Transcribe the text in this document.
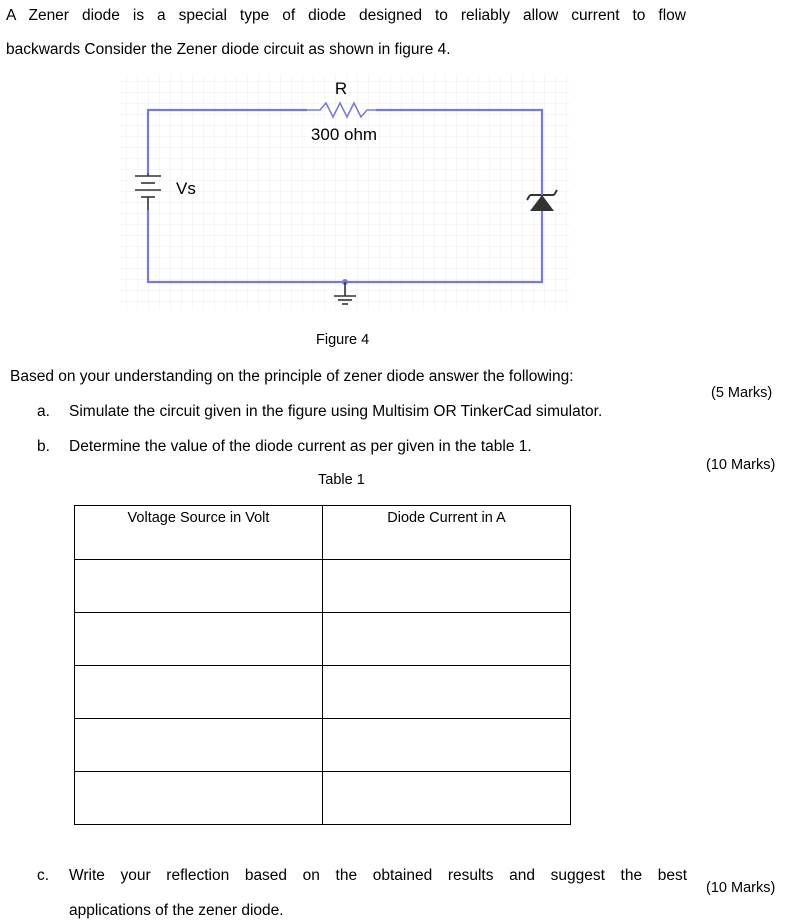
A Zener diode is a special type of diode designed to reliably allow current to flow
backwards Consider the Zener diode circuit as shown in figure 4.
R
300 ohm
Vs
Figure 4
Based on your understanding on the principle of zener diode answer the following:
(5 Marks)
a. Simulate the circuit given in the figure using Multisim OR TinkerCad simulator.
b. Determine the value of the diode current as per given in the table 1.
(10 Marks)
Table 1
Voltage Source in Volt	Diode Current in A

c. Write your reflection based on the obtained results and suggest the best
applications of the zener diode.
(10 Marks)
